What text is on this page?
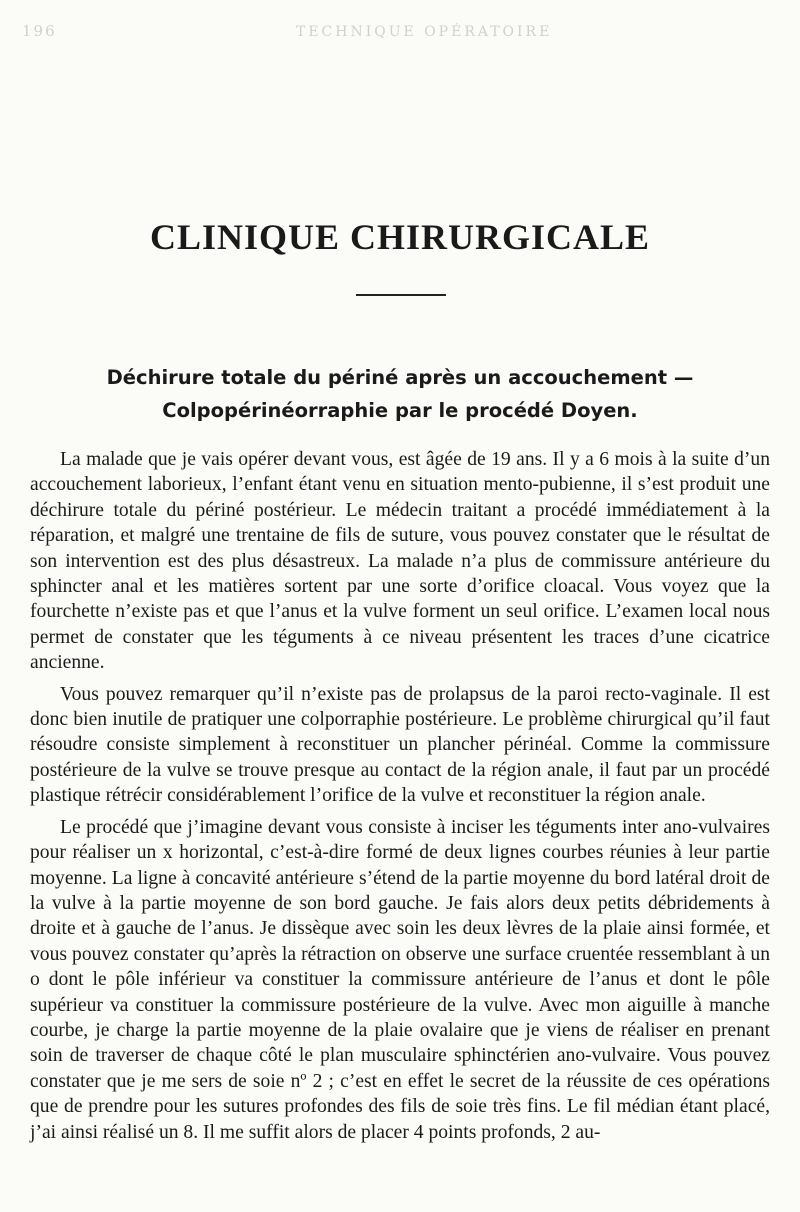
196	TECHNIQUE OPÉRATOIRE
CLINIQUE CHIRURGICALE
Déchirure totale du périné après un accouchement —
Colpopérinéorraphie par le procédé Doyen.

La malade que je vais opérer devant vous, est âgée de 19 ans. Il y a 6 mois à la suite d’un accouchement laborieux, l’enfant étant venu en situation mento-pubienne, il s’est produit une déchirure totale du périné postérieur. Le médecin traitant a procédé immédiatement à la réparation, et malgré une trentaine de fils de suture, vous pouvez constater que le résultat de son intervention est des plus désastreux. La malade n’a plus de commissure antérieure du sphincter anal et les matières sortent par une sorte d’orifice cloacal. Vous voyez que la fourchette n’existe pas et que l’anus et la vulve forment un seul orifice. L’examen local nous permet de constater que les téguments à ce niveau présentent les traces d’une cicatrice ancienne.

Vous pouvez remarquer qu’il n’existe pas de prolapsus de la paroi recto-vaginale. Il est donc bien inutile de pratiquer une colporraphie postérieure. Le problème chirurgical qu’il faut résoudre consiste simplement à reconstituer un plancher périnéal. Comme la commissure postérieure de la vulve se trouve presque au contact de la région anale, il faut par un procédé plastique rétrécir considérablement l’orifice de la vulve et reconstituer la région anale.

Le procédé que j’imagine devant vous consiste à inciser les téguments inter ano-vulvaires pour réaliser un x horizontal, c’est-à-dire formé de deux lignes courbes réunies à leur partie moyenne. La ligne à concavité antérieure s’étend de la partie moyenne du bord latéral droit de la vulve à la partie moyenne de son bord gauche. Je fais alors deux petits débridements à droite et à gauche de l’anus. Je dissèque avec soin les deux lèvres de la plaie ainsi formée, et vous pouvez constater qu’après la rétraction on observe une surface cruentée ressemblant à un o dont le pôle inférieur va constituer la commissure antérieure de l’anus et dont le pôle supérieur va constituer la commissure postérieure de la vulve. Avec mon aiguille à manche courbe, je charge la partie moyenne de la plaie ovalaire que je viens de réaliser en prenant soin de traverser de chaque côté le plan musculaire sphinctérien ano-vulvaire. Vous pouvez constater que je me sers de soie nº 2 ; c’est en effet le secret de la réussite de ces opérations que de prendre pour les sutures profondes des fils de soie très fins. Le fil médian étant placé, j’ai ainsi réalisé un 8. Il me suffit alors de placer 4 points profonds, 2 au-
